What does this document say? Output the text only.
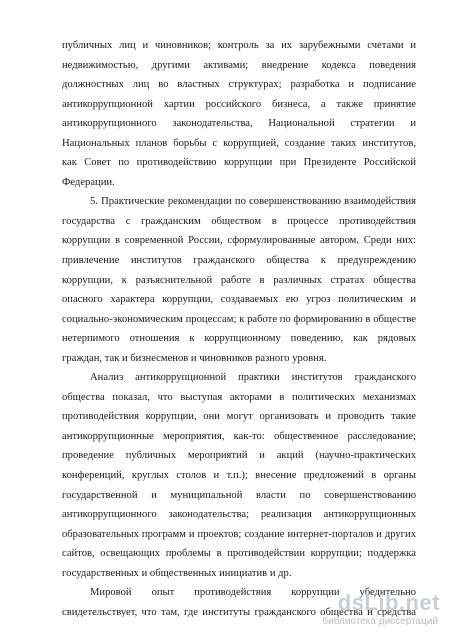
публичных лиц и чиновников; контроль за их зарубежными счетами и
недвижимостью, другими активами; внедрение кодекса поведения
должностных лиц во властных структурах; разработка и подписание
антикоррупционной хартии российского бизнеса, а также принятие
антикоррупционного законодательства, Национальной стратегии и
Национальных планов борьбы с коррупцией, создание таких институтов,
как Совет по противодействию коррупции при Президенте Российской
Федерации.
5. Практические рекомендации по совершенствованию взаимодействия
государства с гражданским обществом в процессе противодействия
коррупции в современной России, сформулированные автором. Среди них:
привлечение институтов гражданского общества к предупреждению
коррупции, к разъяснительной работе в различных стратах общества
опасного характера коррупции, создаваемых ею угроз политическим и
социально-экономическим процессам; к работе по формированию в обществе
нетерпимого отношения к коррупционному поведению, как рядовых
граждан, так и бизнесменов и чиновников разного уровня.
Анализ антикоррупционной практики институтов гражданского
общества показал, что выступая акторами в политических механизмах
противодействия коррупции, они могут организовать и проводить такие
антикоррупционные мероприятия, как-то: общественное расследование;
проведение публичных мероприятий и акций (научно-практических
конференций, круглых столов и т.п.); внесение предложений в органы
государственной и муниципальной власти по совершенствованию
антикоррупционного законодательства; реализация антикоррупционных
образовательных программ и проектов; создание интернет-порталов и других
сайтов, освещающих проблемы в противодействии коррупции; поддержка
государственных и общественных инициатив и др.
Мировой опыт противодействия коррупции убедительно
свидетельствует, что там, где институты гражданского общества и средства
dsLib.net
библиотека диссертаций
